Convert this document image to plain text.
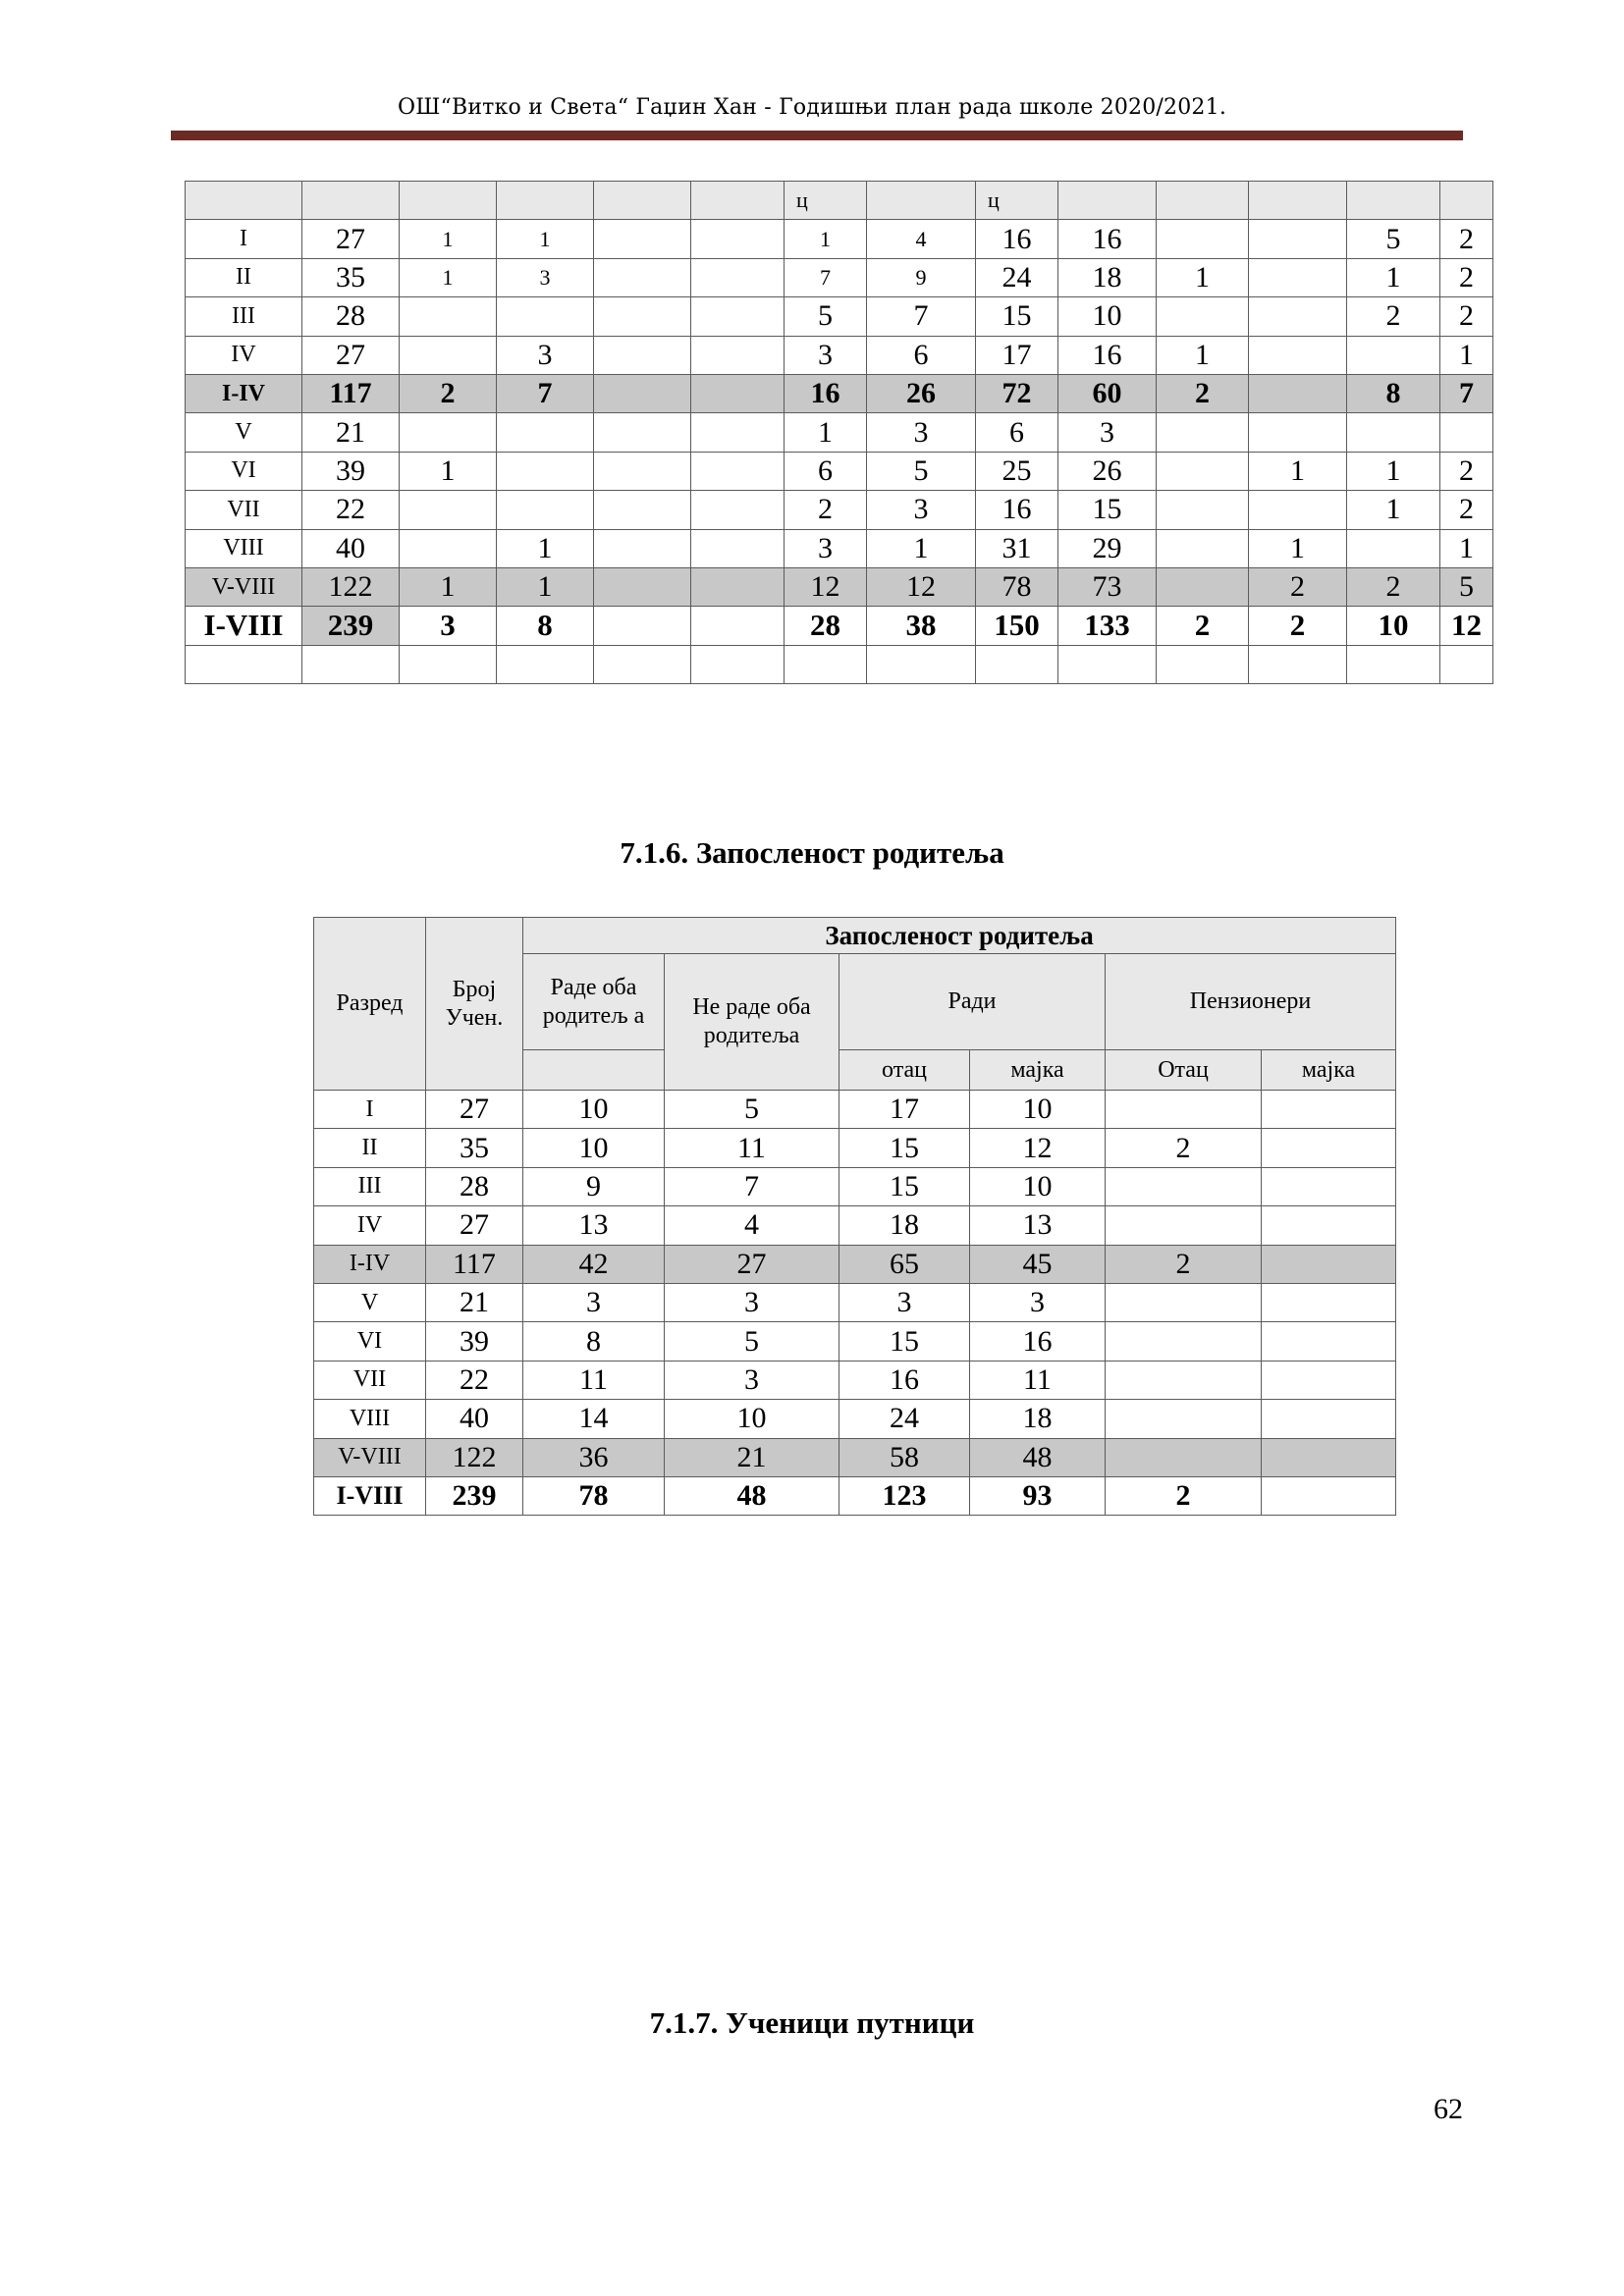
ОШ“Витко и Света“ Гаџин Хан - Годишњи план рада школе 2020/2021.
						ц		ц					
I	27	1	1			1	4	16	16			5	2
II	35	1	3			7	9	24	18	1		1	2
III	28					5	7	15	10			2	2
IV	27		3			3	6	17	16	1			1
I-IV	117	2	7			16	26	72	60	2		8	7
V	21					1	3	6	3				
VI	39	1				6	5	25	26		1	1	2
VII	22					2	3	16	15			1	2
VIII	40		1			3	1	31	29		1		1
V-VIII	122	1	1			12	12	78	73		2	2	5
I-VIII	239	3	8			28	38	150	133	2	2	10	12

7.1.6. Запосленост родитеља
Разред	Број Учен.	Запосленост родитеља					
		Раде оба родитељ а	Не раде оба родитеља	Ради		Пензионери	
				отац	мајка	Отац	мајка
I	27	10	5	17	10		
II	35	10	11	15	12	2	
III	28	9	7	15	10		
IV	27	13	4	18	13		
I-IV	117	42	27	65	45	2	
V	21	3	3	3	3		
VI	39	8	5	15	16		
VII	22	11	3	16	11		
VIII	40	14	10	24	18		
V-VIII	122	36	21	58	48		
I-VIII	239	78	48	123	93	2	
7.1.7. Ученици путници
62
